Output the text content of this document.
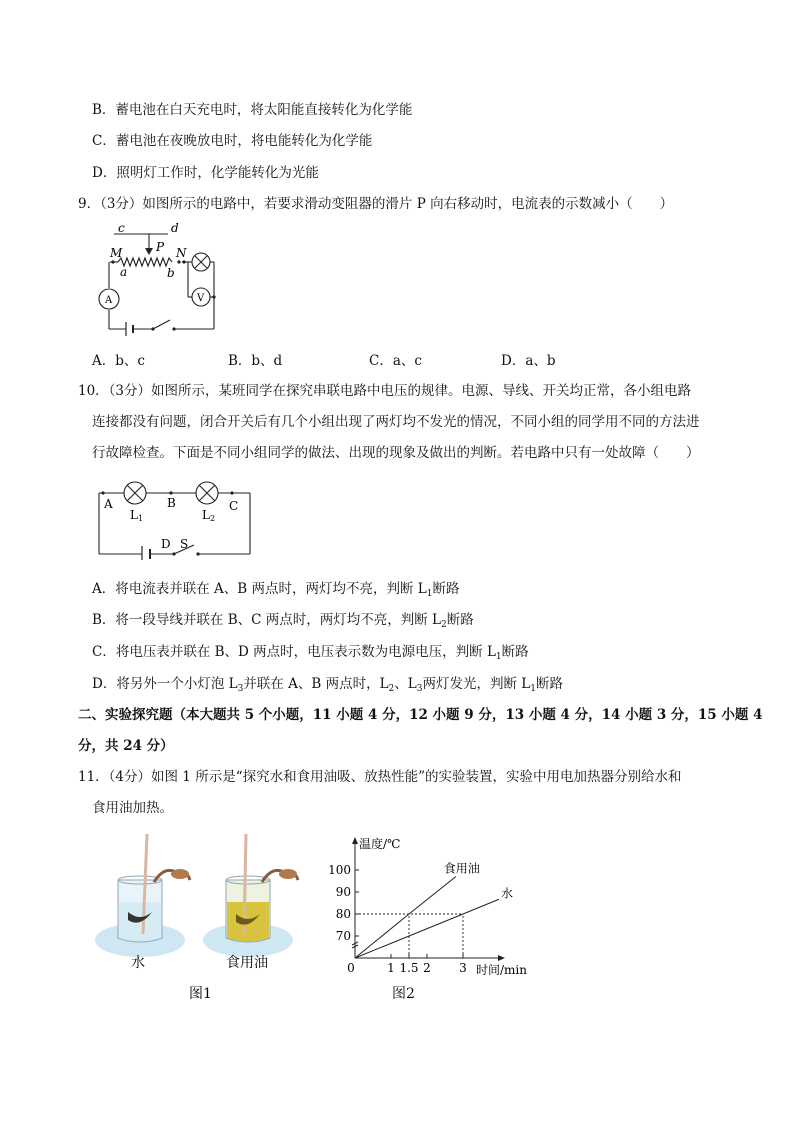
B．蓄电池在白天充电时，将太阳能直接转化为化学能
C．蓄电池在夜晚放电时，将电能转化为化学能
D．照明灯工作时，化学能转化为光能
9．（3分）如图所示的电路中，若要求滑动变阻器的滑片 P 向右移动时，电流表的示数减小（　　）
c	d
P
M	N
a	b
A	V
A．b、c	B．b、d	C．a、c	D．a、b
10．（3分）如图所示，某班同学在探究串联电路中电压的规律。电源、导线、开关均正常，各小组电路
连接都没有问题，闭合开关后有几个小组出现了两灯均不发光的情况，不同小组的同学用不同的方法进
行故障检查。下面是不同小组同学的做法、出现的现象及做出的判断。若电路中只有一处故障（　　）
A	B	C
L 1	L 2
D S
A．将电流表并联在 A、B 两点时，两灯均不亮，判断 $L_1$断路
B．将一段导线并联在 B、C 两点时，两灯均不亮，判断 $L_2$断路
C．将电压表并联在 B、D 两点时，电压表示数为电源电压，判断 $L_1$断路
D．将另外一个小灯泡 $L_3$并联在 A、B 两点时，$L_2$、$L_3$两灯发光，判断 $L_1$断路
二、实验探究题（本大题共 5 个小题，11 小题 4 分，12 小题 9 分，13 小题 4 分，14 小题 3 分，15 小题 4
分，共 24 分）
11．（4分）如图 1 所示是“探究水和食用油吸、放热性能”的实验装置，实验中用电加热器分别给水和
食用油加热。
水	食用油
图1
100
90
80
70
0	1 1.5 2 3
温度/℃
时间/min
食用油
水
图2
